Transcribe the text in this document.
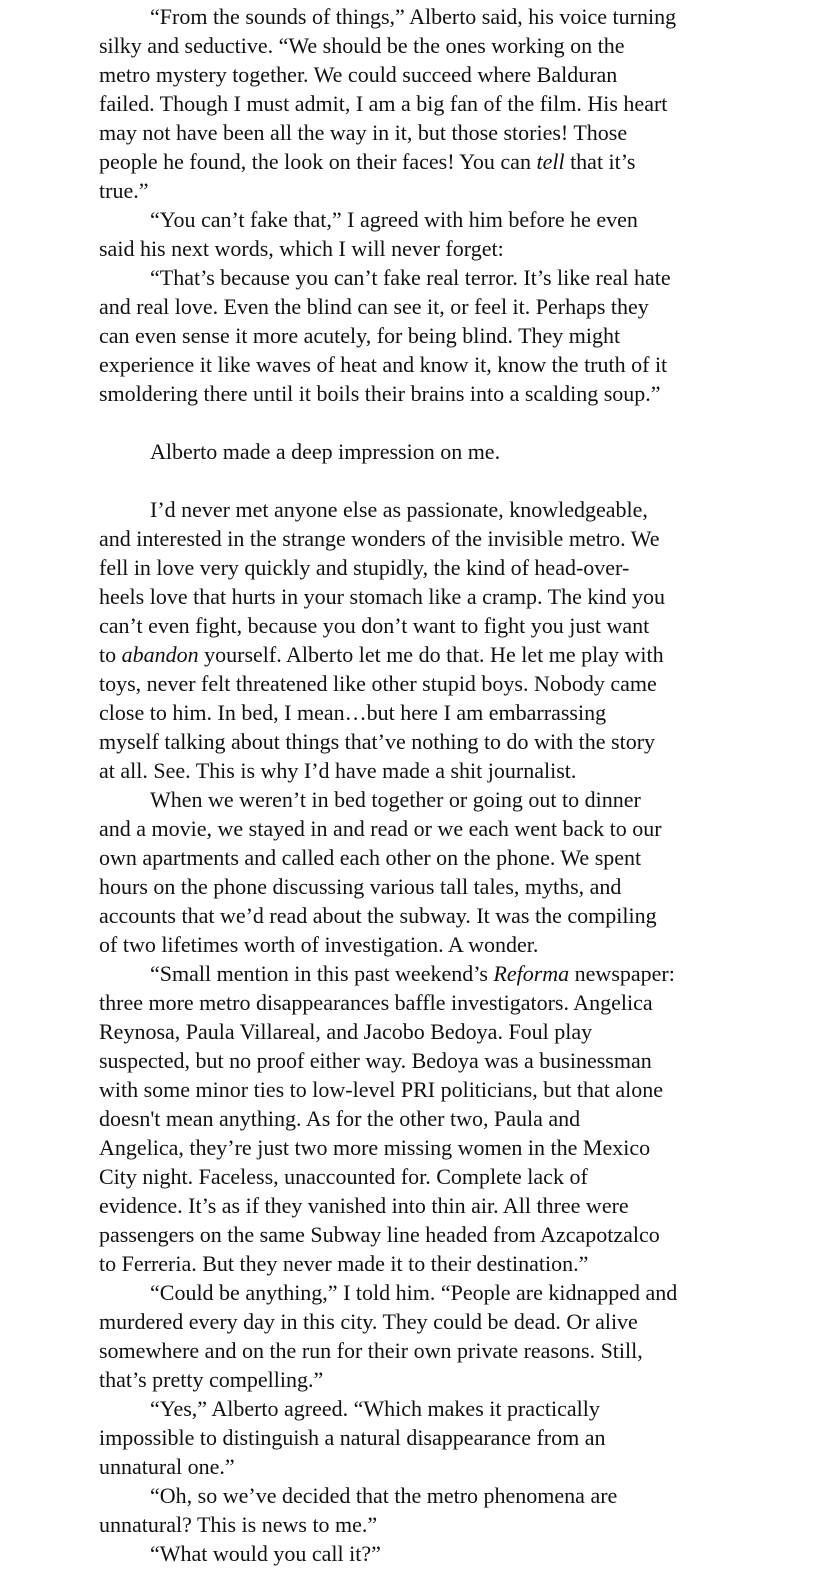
“From the sounds of things,” Alberto said, his voice turning
silky and seductive. “We should be the ones working on the
metro mystery together. We could succeed where Balduran
failed. Though I must admit, I am a big fan of the film. His heart
may not have been all the way in it, but those stories! Those
people he found, the look on their faces! You can tell that it’s
true.”

“You can’t fake that,” I agreed with him before he even
said his next words, which I will never forget:

“That’s because you can’t fake real terror. It’s like real hate
and real love. Even the blind can see it, or feel it. Perhaps they
can even sense it more acutely, for being blind. They might
experience it like waves of heat and know it, know the truth of it
smoldering there until it boils their brains into a scalding soup.”

Alberto made a deep impression on me.

I’d never met anyone else as passionate, knowledgeable,
and interested in the strange wonders of the invisible metro. We
fell in love very quickly and stupidly, the kind of head-over-
heels love that hurts in your stomach like a cramp. The kind you
can’t even fight, because you don’t want to fight you just want
to abandon yourself. Alberto let me do that. He let me play with
toys, never felt threatened like other stupid boys. Nobody came
close to him. In bed, I mean…but here I am embarrassing
myself talking about things that’ve nothing to do with the story
at all. See. This is why I’d have made a shit journalist.

When we weren’t in bed together or going out to dinner
and a movie, we stayed in and read or we each went back to our
own apartments and called each other on the phone. We spent
hours on the phone discussing various tall tales, myths, and
accounts that we’d read about the subway. It was the compiling
of two lifetimes worth of investigation. A wonder.

“Small mention in this past weekend’s Reforma newspaper:
three more metro disappearances baffle investigators. Angelica
Reynosa, Paula Villareal, and Jacobo Bedoya. Foul play
suspected, but no proof either way. Bedoya was a businessman
with some minor ties to low-level PRI politicians, but that alone
doesn't mean anything. As for the other two, Paula and
Angelica, they’re just two more missing women in the Mexico
City night. Faceless, unaccounted for. Complete lack of
evidence. It’s as if they vanished into thin air. All three were
passengers on the same Subway line headed from Azcapotzalco
to Ferreria. But they never made it to their destination.”

“Could be anything,” I told him. “People are kidnapped and
murdered every day in this city. They could be dead. Or alive
somewhere and on the run for their own private reasons. Still,
that’s pretty compelling.”

“Yes,” Alberto agreed. “Which makes it practically
impossible to distinguish a natural disappearance from an
unnatural one.”

“Oh, so we’ve decided that the metro phenomena are
unnatural? This is news to me.”

“What would you call it?”
